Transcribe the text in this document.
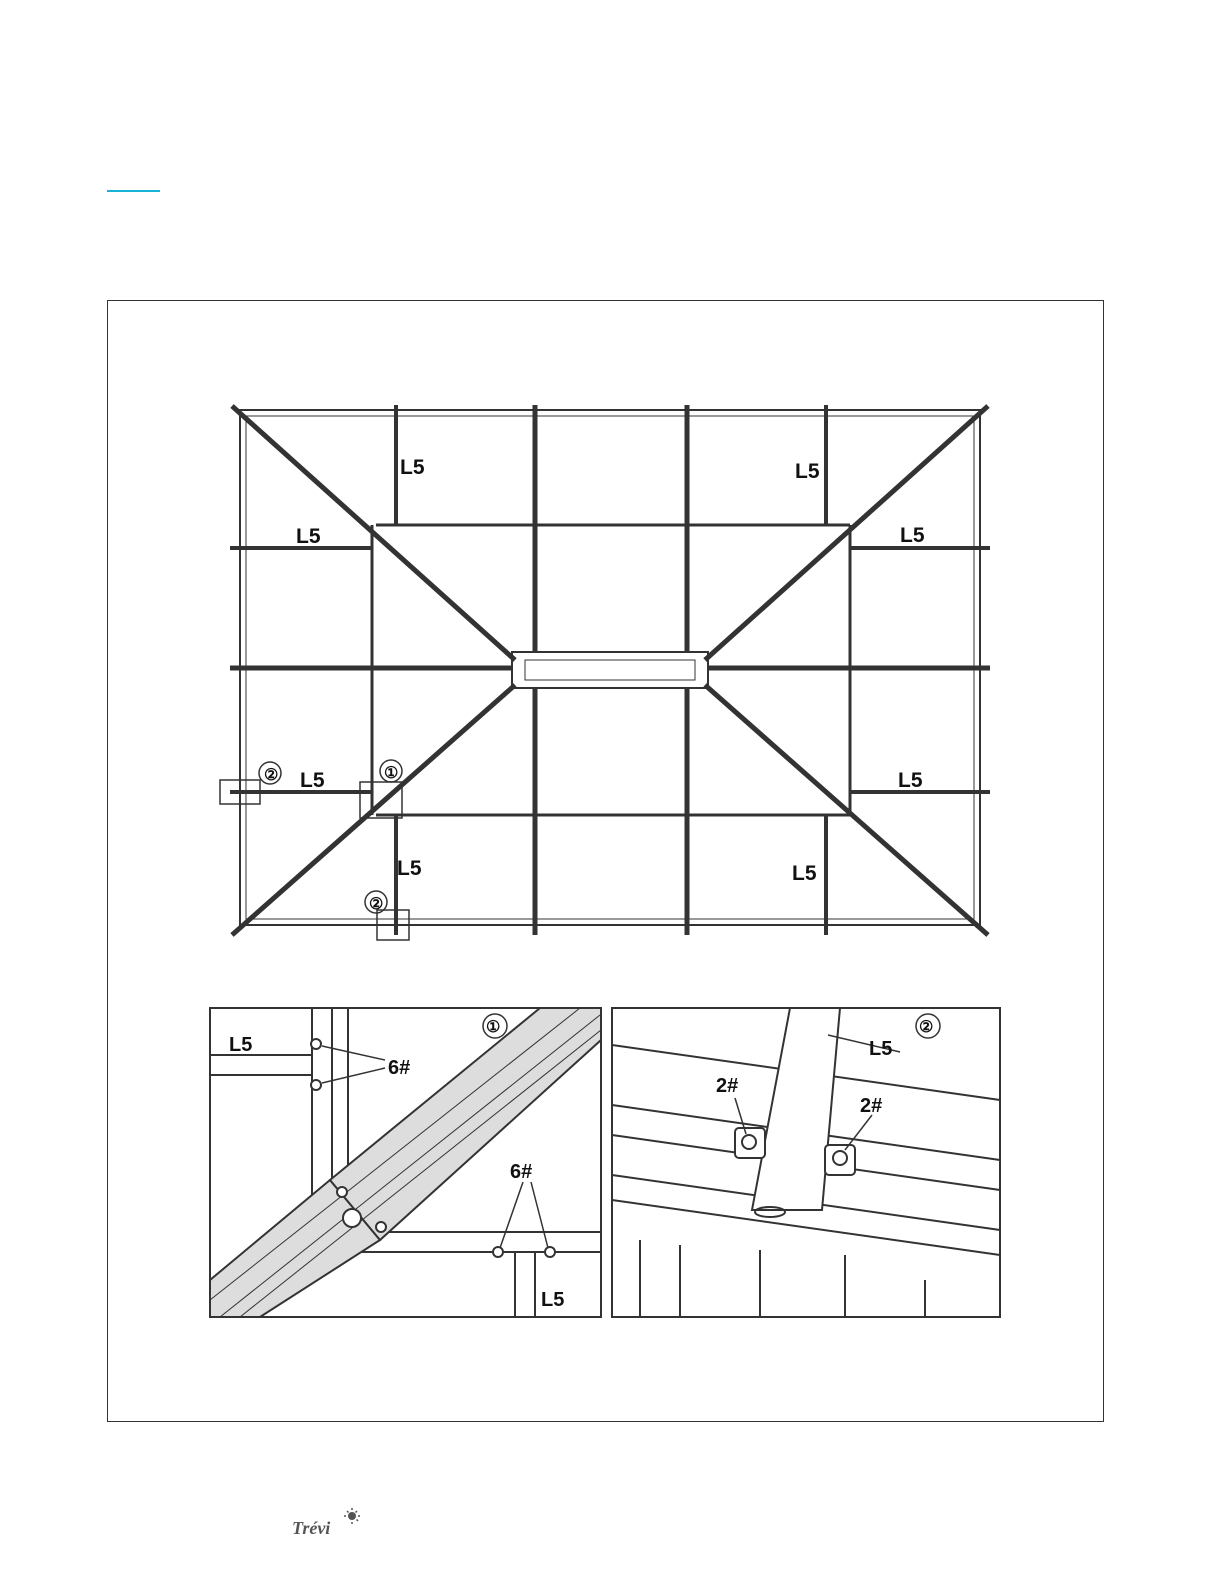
L5	L5
L5	L5
L5	L5
L5	L5
②	①
②
L5
6#
6#
L5
①
L5
2#
2#
②
Trévi
